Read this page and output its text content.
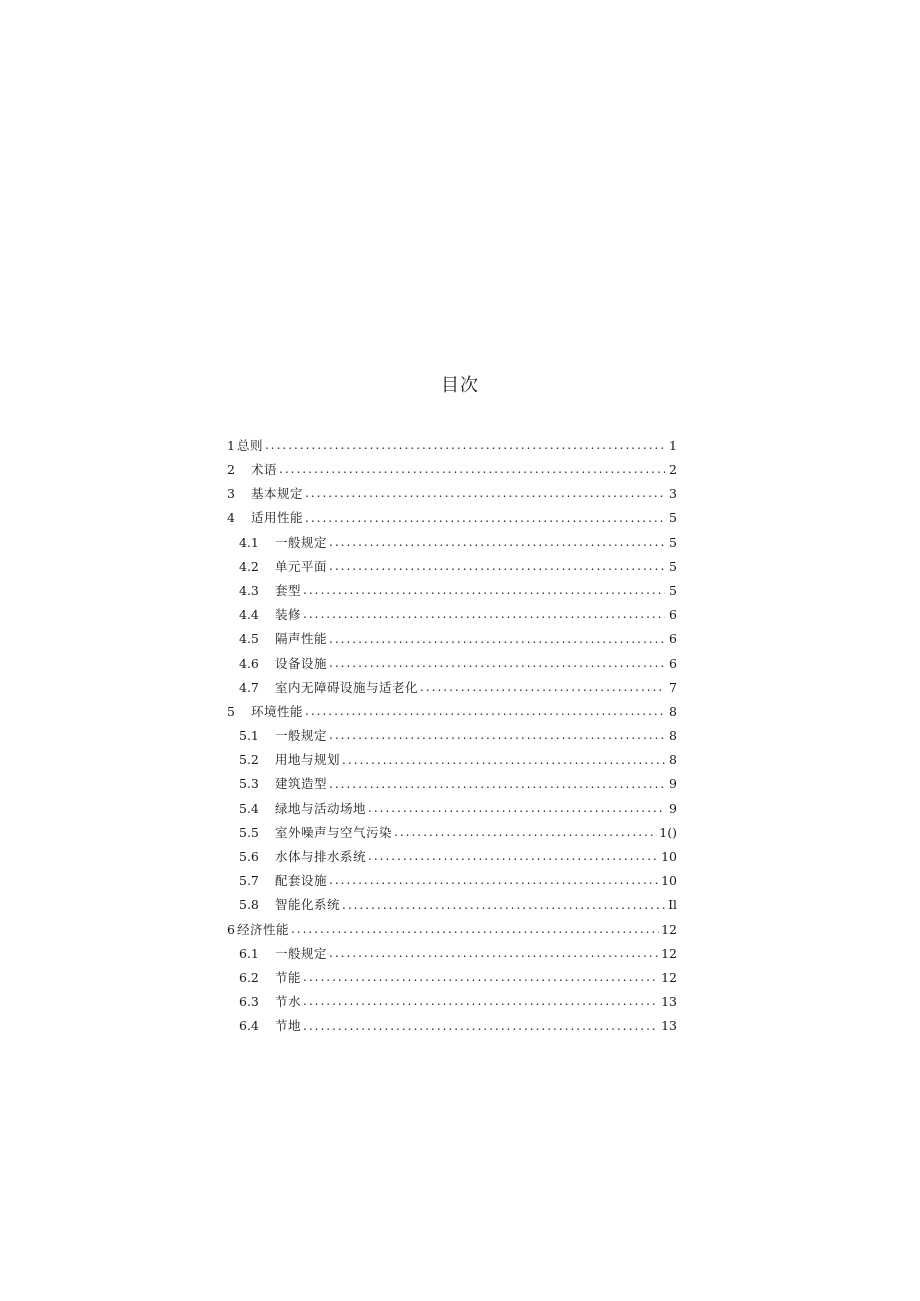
目次
1 总则 .....	1
2	术语 .....	2
3	基本规定 .....	3
4	适用性能 .....	5
4.1	一般规定 .....	5
4.2	单元平面 .....	5
4.3	套型 .....	5
4.4	装修 .....	6
4.5	隔声性能 .....	6
4.6	设备设施 .....	6
4.7	室内无障碍设施与适老化 .....	7
5	环境性能 .....	8
5.1	一般规定 .....	8
5.2	用地与规划 .....	8
5.3	建筑造型 .....	9
5.4	绿地与活动场地 .....	9
5.5	室外噪声与空气污染 .....	1()
5.6	水体与排水系统 .....	10
5.7	配套设施 .....	10
5.8	智能化系统 .....	Il
6 经济性能 .....	12
6.1	一般规定 .....	12
6.2	节能 .....	12
6.3	节水 .....	13
6.4	节地 .....	13
